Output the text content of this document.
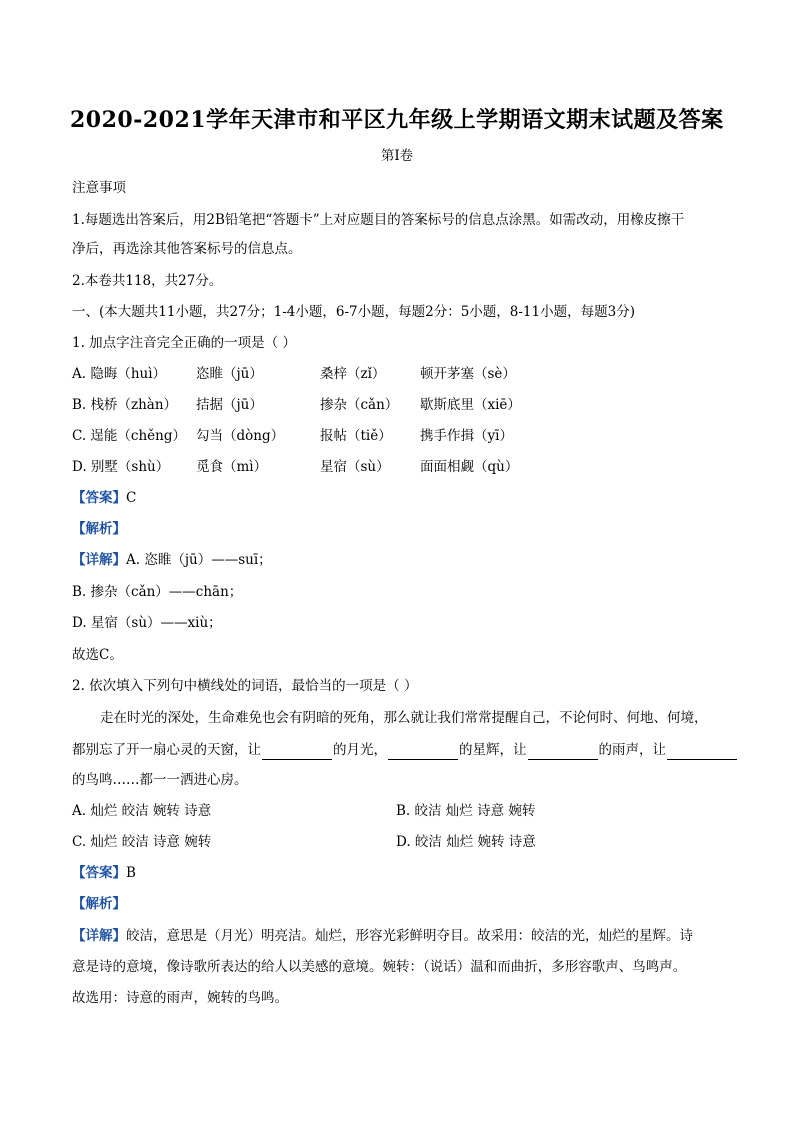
2020-2021学年天津市和平区九年级上学期语文期末试题及答案
第Ⅰ卷
注意事项
1.每题选出答案后，用2B铅笔把“答题卡”上对应题目的答案标号的信息点涂黑。如需改动，用橡皮擦干
净后，再选涂其他答案标号的信息点。
2.本卷共118，共27分。
一、(本大题共11小题，共27分；1-4小题，6-7小题，每题2分：5小题，8-11小题，每题3分)
1. 加点字注音完全正确的一项是（ ）
A. 隐晦（huì） 恣睢（jū）	桑梓（zǐ）	顿开茅塞（sè）
B. 栈桥（zhàn） 拮据（jū）	掺杂（cǎn） 歇斯底里（xiē）
C. 逞能（chěng） 勾当（dòng）	报帖（tiě） 携手作揖（yī）
D. 别墅（shù） 觅食（mì）	星宿（sù） 面面相觑（qù）
【答案】C
【解析】
【详解】A. 恣睢（jū）——suī；
B. 掺杂（cǎn）——chān；
D. 星宿（sù）——xiù；
故选C。
2. 依次填入下列句中横线处的词语，最恰当的一项是（ ）
走在时光的深处，生命难免也会有阴暗的死角，那么就让我们常常提醒自己，不论何时、何地、何境，
都别忘了开一扇心灵的天窗，让	的月光，	的星辉，让	的雨声，让
的鸟鸣……都一一洒进心房。
A. 灿烂 皎洁 婉转 诗意	B. 皎洁 灿烂 诗意 婉转
C. 灿烂 皎洁 诗意 婉转	D. 皎洁 灿烂 婉转 诗意
【答案】B
【解析】
【详解】皎洁，意思是（月光）明亮洁。灿烂，形容光彩鲜明夺目。故采用：皎洁的光，灿烂的星辉。诗
意是诗的意境，像诗歌所表达的给人以美感的意境。婉转：（说话）温和而曲折，多形容歌声、鸟鸣声。
故选用：诗意的雨声，婉转的鸟鸣。
